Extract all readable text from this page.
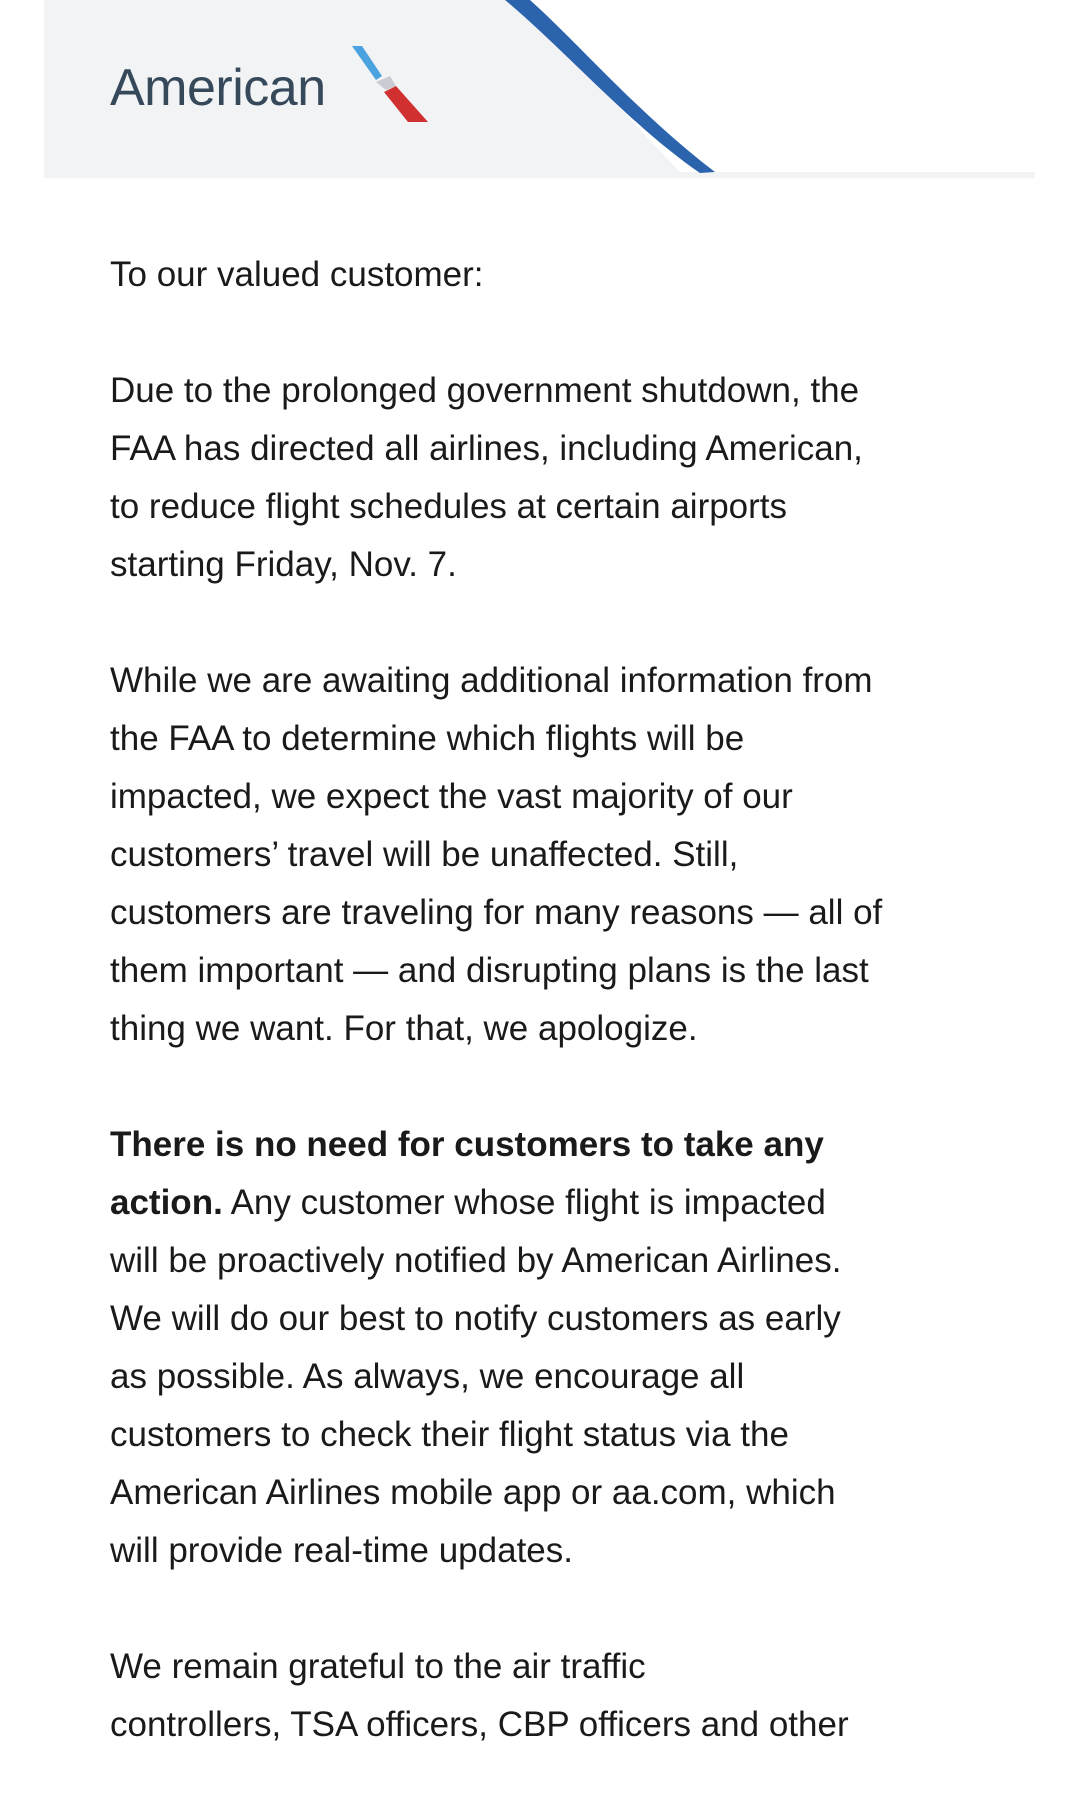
American

To our valued customer:

Due to the prolonged government shutdown, the
FAA has directed all airlines, including American,
to reduce flight schedules at certain airports
starting Friday, Nov. 7.

While we are awaiting additional information from
the FAA to determine which flights will be
impacted, we expect the vast majority of our
customers’ travel will be unaffected. Still,
customers are traveling for many reasons — all of
them important — and disrupting plans is the last
thing we want. For that, we apologize.

There is no need for customers to take any
action. Any customer whose flight is impacted
will be proactively notified by American Airlines.
We will do our best to notify customers as early
as possible. As always, we encourage all
customers to check their flight status via the
American Airlines mobile app or aa.com, which
will provide real-time updates.

We remain grateful to the air traffic
controllers, TSA officers, CBP officers and other
